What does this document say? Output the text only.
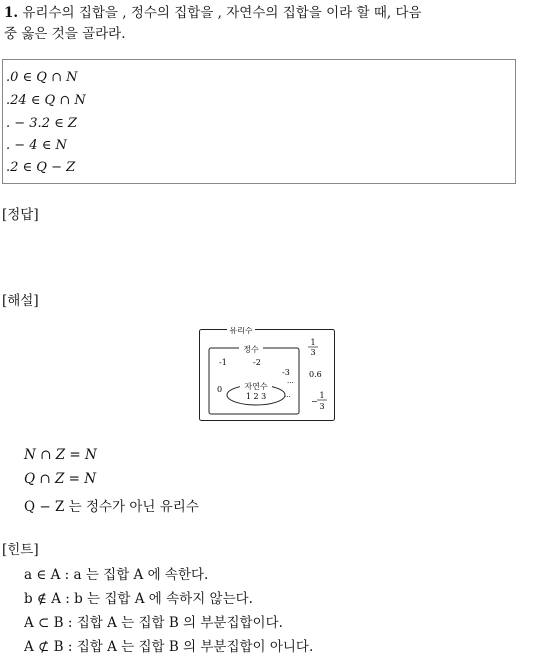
1. 유리수의 집합을 , 정수의 집합을 , 자연수의 집합을 이라 할 때, 다음
중 옳은 것을 골라라.
.0 ∈ Q ∩ N
.24 ∈ Q ∩ N
. − 3.2 ∈ Z
. − 4 ∈ N
.2 ∈ Q − Z
[정답]
[해설]
유리수
정수
자연수
1 2 3	...
-1	-2
-3
0
...
1
3
0.6
−
1
3
N ∩ Z = N
Q ∩ Z = N
Q − Z 는 정수가 아닌 유리수
[힌트]
a ∈ A : a 는 집합 A 에 속한다.
b ∉ A : b 는 집합 A 에 속하지 않는다.
A ⊂ B : 집합 A 는 집합 B 의 부분집합이다.
A ⊄ B : 집합 A 는 집합 B 의 부분집합이 아니다.
